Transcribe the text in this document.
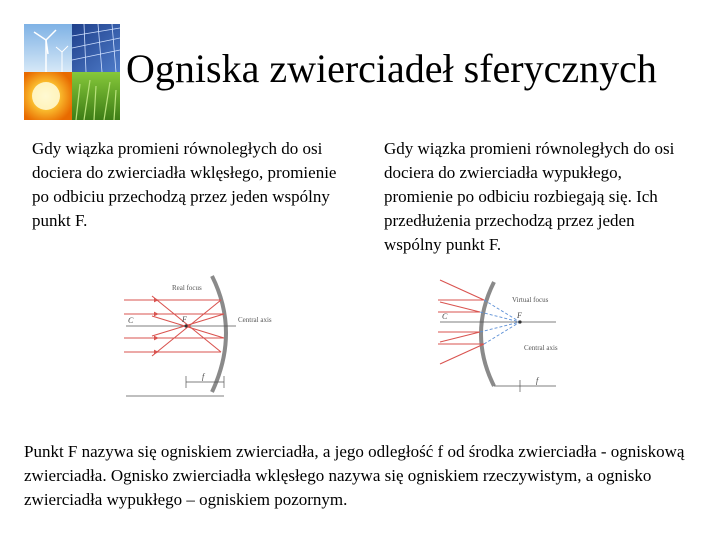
Ogniska zwierciadeł sferycznych
Gdy wiązka promieni równoległych do osi dociera do zwierciadła wklęsłego, promienie po odbiciu przechodzą przez jeden wspólny punkt F.
Gdy wiązka promieni równoległych do osi dociera do zwierciadła wypukłego, promienie po odbiciu rozbiegają się. Ich przedłużenia przechodzą przez jeden wspólny punkt F.
C
Real focus
F	Central axis
f
C
Virtual focus
F
Central axis
f
Punkt F nazywa się ogniskiem zwierciadła, a jego odległość f od środka zwierciadła - ogniskową zwierciadła. Ognisko zwierciadła wklęsłego nazywa się ogniskiem rzeczywistym, a ognisko zwierciadła wypukłego – ogniskiem pozornym.
